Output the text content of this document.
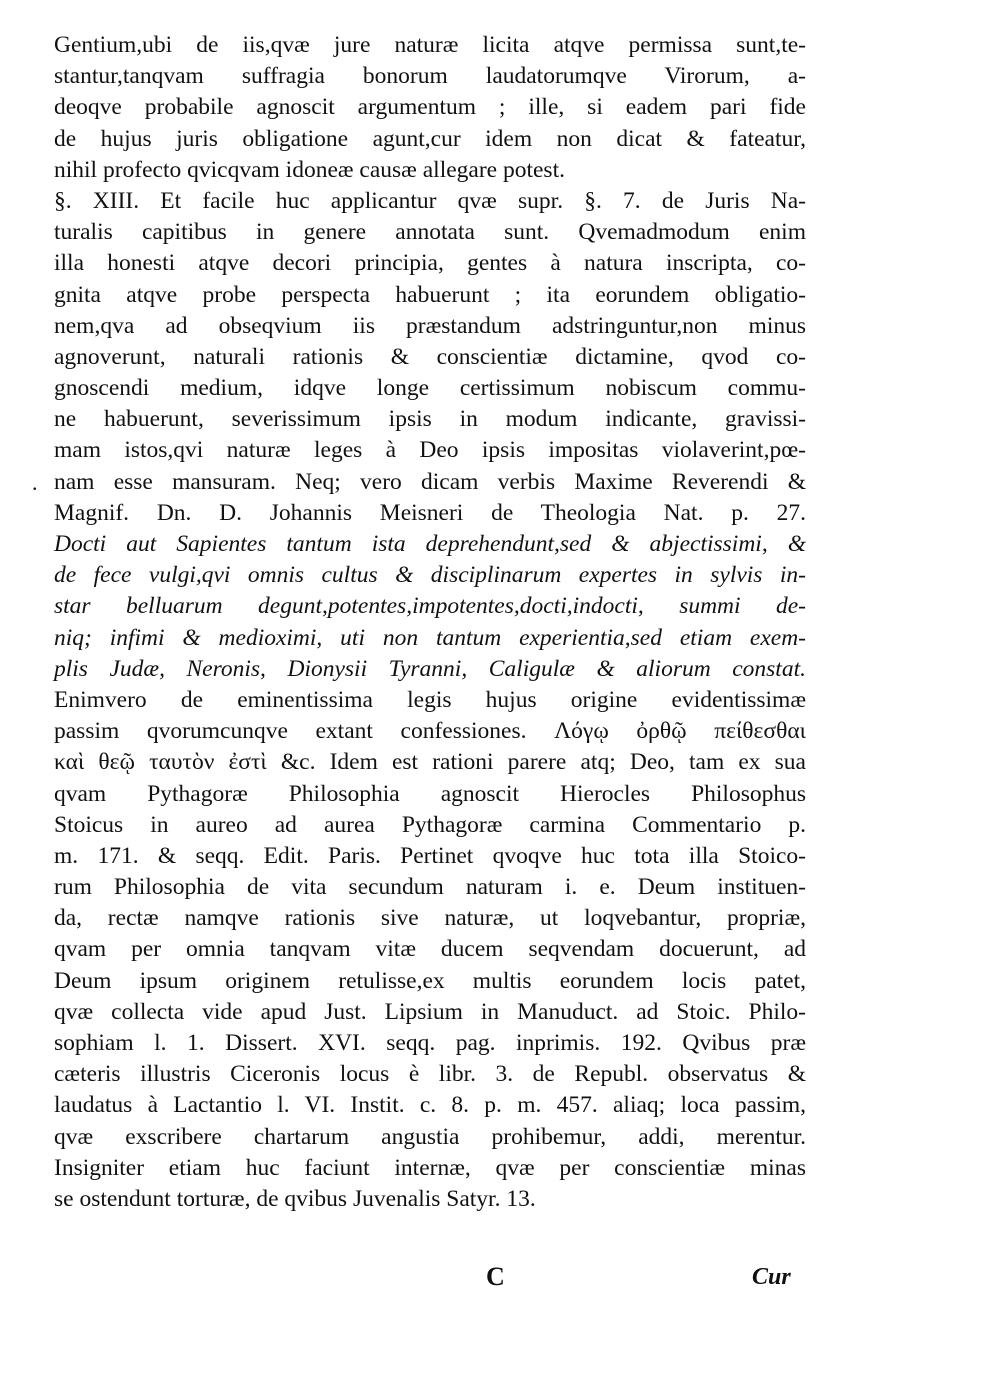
Gentium,ubi de iis,qvæ jure naturæ licita atqve permissa sunt,te-
stantur,tanqvam suffragia bonorum laudatorumqve Virorum, a-
deoqve probabile agnoscit argumentum ; ille, si eadem pari fide
de hujus juris obligatione agunt,cur idem non dicat & fateatur,
nihil profecto qvicqvam idoneæ causæ allegare potest.
§. XIII. Et facile huc applicantur qvæ supr. §. 7. de Juris Na-
turalis capitibus in genere annotata sunt. Qvemadmodum enim
illa honesti atqve decori principia, gentes à natura inscripta, co-
gnita atqve probe perspecta habuerunt ; ita eorundem obligatio-
nem,qva ad obseqvium iis præstandum adstringuntur,non minus
agnoverunt, naturali rationis & conscientiæ dictamine, qvod co-
gnoscendi medium, idqve longe certissimum nobiscum commu-
ne habuerunt, severissimum ipsis in modum indicante, gravissi-
mam istos,qvi naturæ leges à Deo ipsis impositas violaverint,pœ-
nam esse mansuram. Neq; vero dicam verbis Maxime Reverendi &
Magnif. Dn. D. Johannis Meisneri de Theologia Nat. p. 27.
Docti aut Sapientes tantum ista deprehendunt,sed & abjectissimi, &
de fece vulgi,qvi omnis cultus & disciplinarum expertes in sylvis in-
star belluarum degunt,potentes,impotentes,docti,indocti, summi de-
niq; infimi & medioximi, uti non tantum experientia,sed etiam exem-
plis Judæ, Neronis, Dionysii Tyranni, Caligulæ & aliorum constat.
Enimvero de eminentissima legis hujus origine evidentissimæ
passim qvorumcunqve extant confessiones. Λόγῳ ὀρθῷ πείθεσθαι
καὶ θεῷ ταυτὸν ἐστὶ &c. Idem est rationi parere atq; Deo, tam ex sua
qvam Pythagoræ Philosophia agnoscit Hierocles Philosophus
Stoicus in aureo ad aurea Pythagoræ carmina Commentario p.
m. 171. & seqq. Edit. Paris. Pertinet qvoqve huc tota illa Stoico-
rum Philosophia de vita secundum naturam i. e. Deum instituen-
da, rectæ namqve rationis sive naturæ, ut loqvebantur, propriæ,
qvam per omnia tanqvam vitæ ducem seqvendam docuerunt, ad
Deum ipsum originem retulisse,ex multis eorundem locis patet,
qvæ collecta vide apud Just. Lipsium in Manuduct. ad Stoic. Philo-
sophiam l. 1. Dissert. XVI. seqq. pag. inprimis. 192. Qvibus præ
cæteris illustris Ciceronis locus è libr. 3. de Republ. observatus &
laudatus à Lactantio l. VI. Instit. c. 8. p. m. 457. aliaq; loca passim,
qvæ exscribere chartarum angustia prohibemur, addi, merentur.
Insigniter etiam huc faciunt internæ, qvæ per conscientiæ minas
se ostendunt torturæ, de qvibus Juvenalis Satyr. 13.
.
C	Cur
